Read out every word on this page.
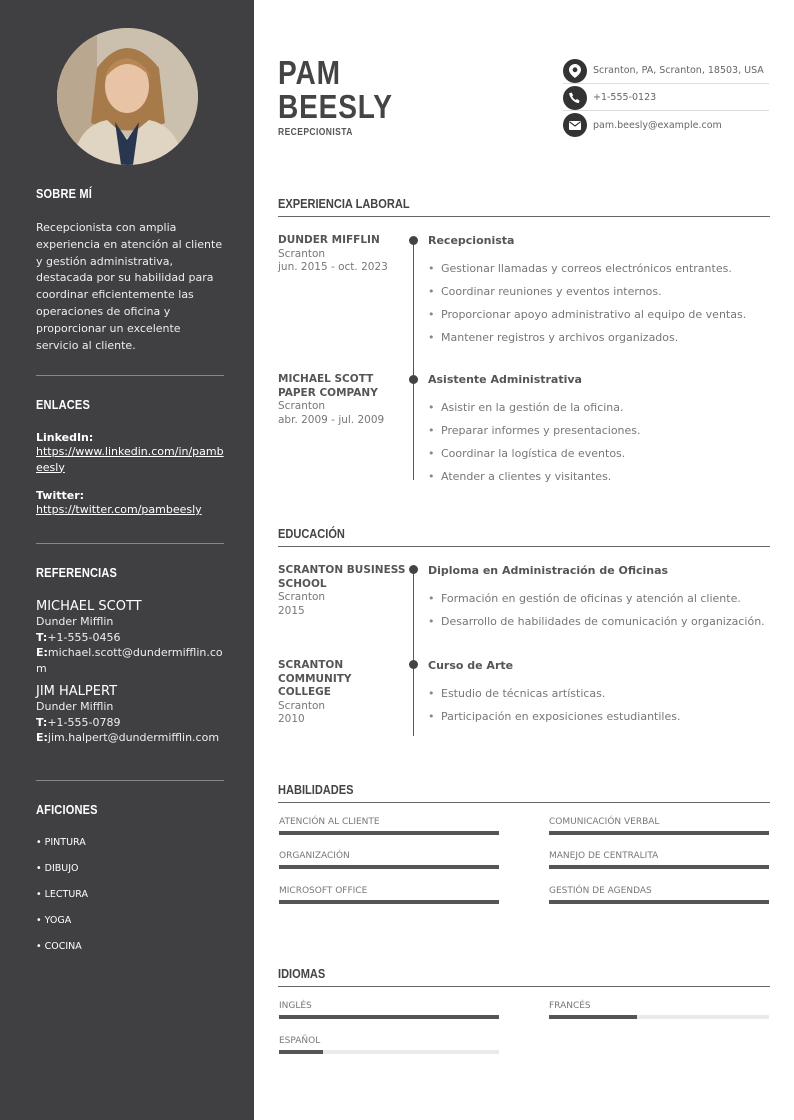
SOBRE MÍ
Recepcionista con amplia experiencia en atención al cliente y gestión administrativa, destacada por su habilidad para coordinar eficientemente las operaciones de oficina y proporcionar un excelente servicio al cliente.
ENLACES
LinkedIn:
https://www.linkedin.com/in/pambeesly
Twitter:
https://twitter.com/pambeesly
REFERENCIAS
MICHAEL SCOTT
Dunder Mifflin
T:+1-555-0456
E:michael.scott@dundermifflin.com
JIM HALPERT
Dunder Mifflin
T:+1-555-0789
E:jim.halpert@dundermifflin.com
AFICIONES
• PINTURA
• DIBUJO
• LECTURA
• YOGA
• COCINA
PAM
BEESLY
RECEPCIONISTA
Scranton, PA, Scranton, 18503, USA
+1-555-0123
pam.beesly@example.com
EXPERIENCIA LABORAL
DUNDER MIFFLIN
Scranton
jun. 2015 - oct. 2023
Recepcionista
• Gestionar llamadas y correos electrónicos entrantes.
• Coordinar reuniones y eventos internos.
• Proporcionar apoyo administrativo al equipo de ventas.
• Mantener registros y archivos organizados.
MICHAEL SCOTT PAPER COMPANY
Scranton
abr. 2009 - jul. 2009
Asistente Administrativa
• Asistir en la gestión de la oficina.
• Preparar informes y presentaciones.
• Coordinar la logística de eventos.
• Atender a clientes y visitantes.
EDUCACIÓN
SCRANTON BUSINESS SCHOOL
Scranton
2015
Diploma en Administración de Oficinas
• Formación en gestión de oficinas y atención al cliente.
• Desarrollo de habilidades de comunicación y organización.
SCRANTON COMMUNITY COLLEGE
Scranton
2010
Curso de Arte
• Estudio de técnicas artísticas.
• Participación en exposiciones estudiantiles.
HABILIDADES
ATENCIÓN AL CLIENTE	COMUNICACIÓN VERBAL
ORGANIZACIÓN	MANEJO DE CENTRALITA
MICROSOFT OFFICE	GESTIÓN DE AGENDAS
IDIOMAS
INGLÉS	FRANCÉS
ESPAÑOL
